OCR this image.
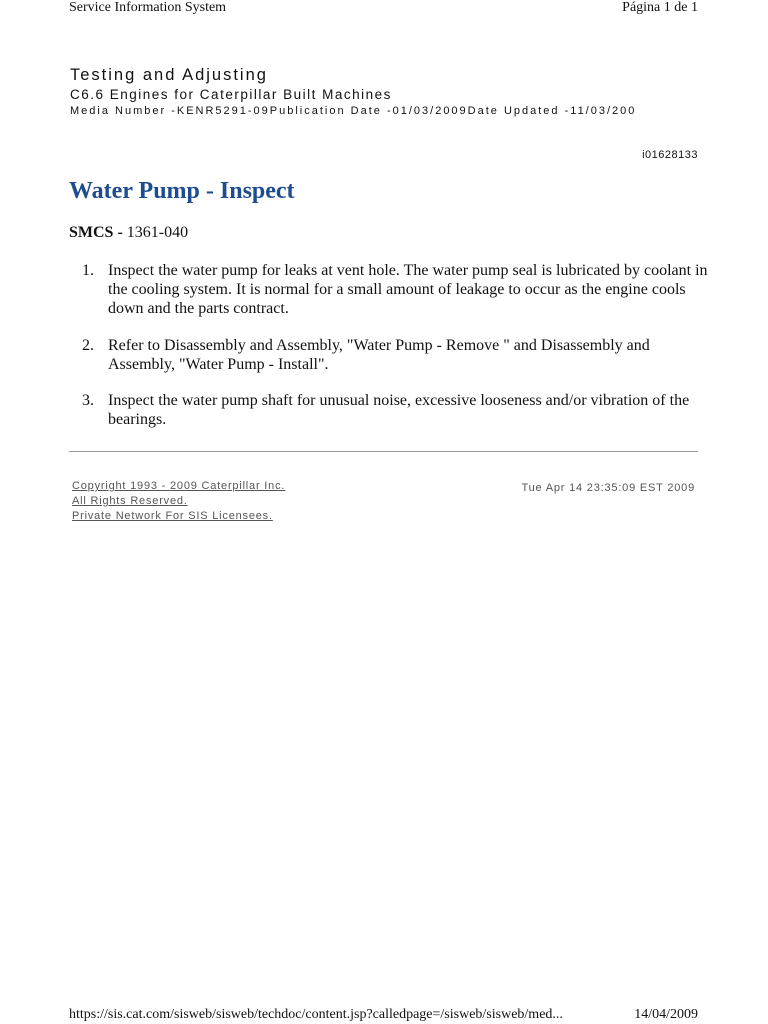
Service Information System	Página 1 de 1
Testing and Adjusting
C6.6 Engines for Caterpillar Built Machines
Media Number -KENR5291-09Publication Date -01/03/2009Date Updated -11/03/200
i01628133
Water Pump - Inspect
SMCS - 1361-040
1. Inspect the water pump for leaks at vent hole. The water pump seal is lubricated by coolant in the cooling system. It is normal for a small amount of leakage to occur as the engine cools down and the parts contract.
2. Refer to Disassembly and Assembly, "Water Pump - Remove " and Disassembly and Assembly, "Water Pump - Install".
3. Inspect the water pump shaft for unusual noise, excessive looseness and/or vibration of the bearings.
Copyright 1993 - 2009 Caterpillar Inc.
All Rights Reserved.
Private Network For SIS Licensees.
Tue Apr 14 23:35:09 EST 2009
https://sis.cat.com/sisweb/sisweb/techdoc/content.jsp?calledpage=/sisweb/sisweb/med...	14/04/2009
